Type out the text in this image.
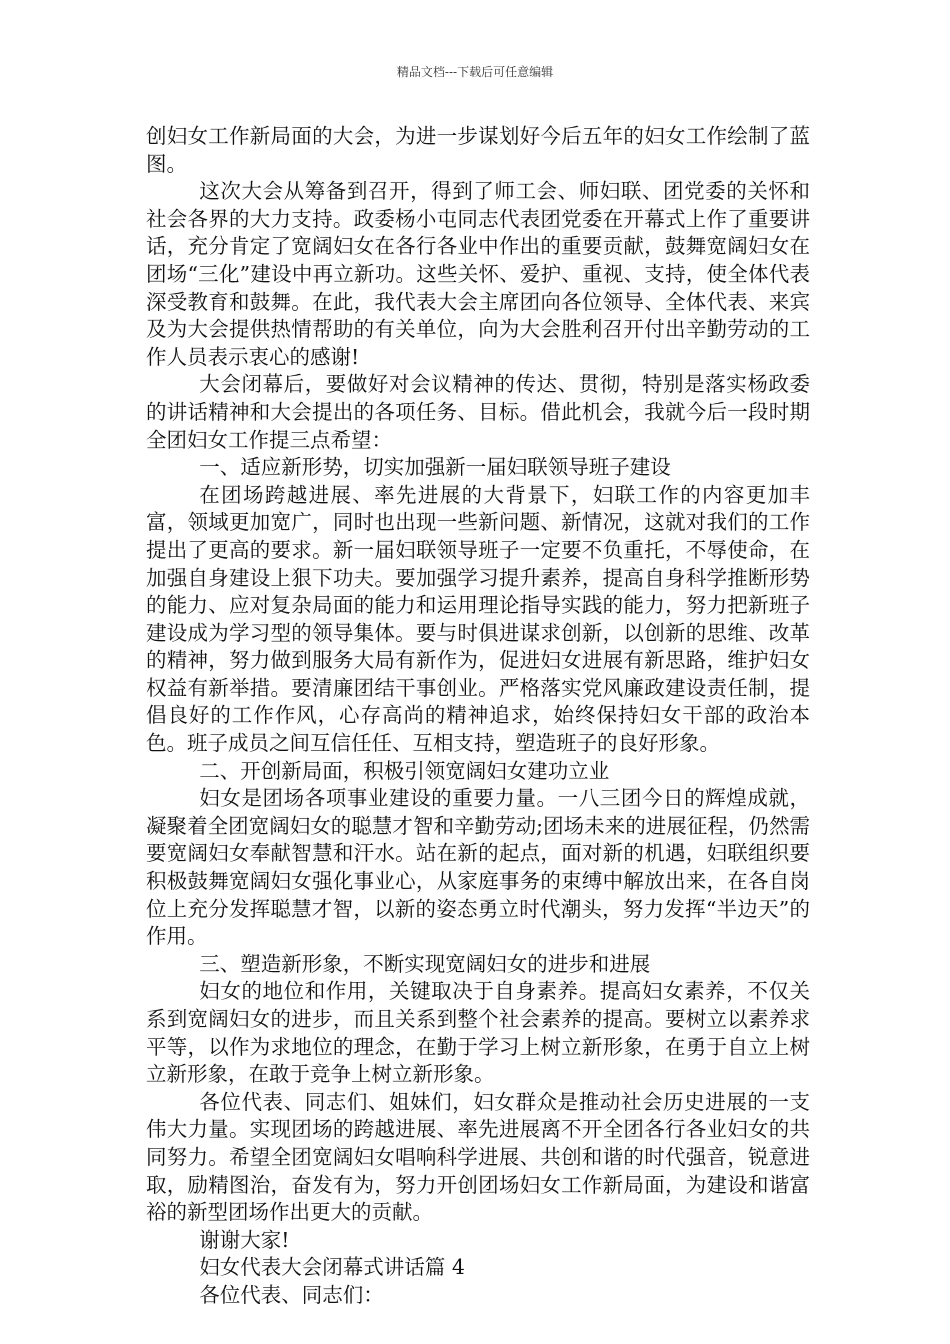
精品文档---下载后可任意编辑

创妇女工作新局面的大会，为进一步谋划好今后五年的妇女工作绘制了蓝图。

这次大会从筹备到召开，得到了师工会、师妇联、团党委的关怀和社会各界的大力支持。政委杨小屯同志代表团党委在开幕式上作了重要讲话，充分肯定了宽阔妇女在各行各业中作出的重要贡献，鼓舞宽阔妇女在团场“三化”建设中再立新功。这些关怀、爱护、重视、支持，使全体代表深受教育和鼓舞。在此，我代表大会主席团向各位领导、全体代表、来宾及为大会提供热情帮助的有关单位，向为大会胜利召开付出辛勤劳动的工作人员表示衷心的感谢!

大会闭幕后，要做好对会议精神的传达、贯彻，特别是落实杨政委的讲话精神和大会提出的各项任务、目标。借此机会，我就今后一段时期全团妇女工作提三点希望：

一、适应新形势，切实加强新一届妇联领导班子建设

在团场跨越进展、率先进展的大背景下，妇联工作的内容更加丰富，领域更加宽广，同时也出现一些新问题、新情况，这就对我们的工作提出了更高的要求。新一届妇联领导班子一定要不负重托，不辱使命，在加强自身建设上狠下功夫。要加强学习提升素养，提高自身科学推断形势的能力、应对复杂局面的能力和运用理论指导实践的能力，努力把新班子建设成为学习型的领导集体。要与时俱进谋求创新，以创新的思维、改革的精神，努力做到服务大局有新作为，促进妇女进展有新思路，维护妇女权益有新举措。要清廉团结干事创业。严格落实党风廉政建设责任制，提倡良好的工作作风，心存高尚的精神追求，始终保持妇女干部的政治本色。班子成员之间互信任任、互相支持，塑造班子的良好形象。

二、开创新局面，积极引领宽阔妇女建功立业

妇女是团场各项事业建设的重要力量。一八三团今日的辉煌成就，凝聚着全团宽阔妇女的聪慧才智和辛勤劳动;团场未来的进展征程，仍然需要宽阔妇女奉献智慧和汗水。站在新的起点，面对新的机遇，妇联组织要积极鼓舞宽阔妇女强化事业心，从家庭事务的束缚中解放出来，在各自岗位上充分发挥聪慧才智，以新的姿态勇立时代潮头，努力发挥“半边天”的作用。

三、塑造新形象，不断实现宽阔妇女的进步和进展

妇女的地位和作用，关键取决于自身素养。提高妇女素养，不仅关系到宽阔妇女的进步，而且关系到整个社会素养的提高。要树立以素养求平等，以作为求地位的理念，在勤于学习上树立新形象，在勇于自立上树立新形象，在敢于竞争上树立新形象。

各位代表、同志们、姐妹们，妇女群众是推动社会历史进展的一支伟大力量。实现团场的跨越进展、率先进展离不开全团各行各业妇女的共同努力。希望全团宽阔妇女唱响科学进展、共创和谐的时代强音，锐意进取，励精图治，奋发有为，努力开创团场妇女工作新局面，为建设和谐富裕的新型团场作出更大的贡献。

谢谢大家!

妇女代表大会闭幕式讲话篇 4

各位代表、同志们：
